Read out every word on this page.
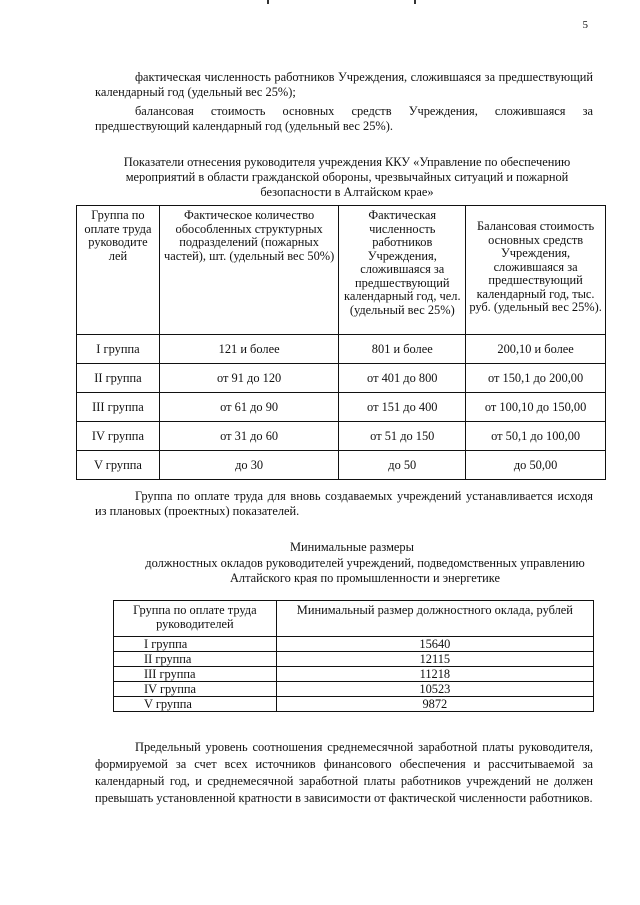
5

фактическая численность работников Учреждения, сложившаяся за предшествующий календарный год (удельный вес 25%);

балансовая стоимость основных средств Учреждения, сложившаяся за предшествующий календарный год (удельный вес 25%).

Показатели отнесения руководителя учреждения ККУ «Управление по обеспечению мероприятий в области гражданской обороны, чрезвычайных ситуаций и пожарной безопасности в Алтайском крае»

Группа по оплате труда руководите лей	Фактическое количество обособленных структурных подразделений (пожарных частей), шт. (удельный вес 50%)	Фактическая численность работников Учреждения, сложившаяся за предшествующий календарный год, чел. (удельный вес 25%)	Балансовая стоимость основных средств Учреждения, сложившаяся за предшествующий календарный год, тыс. руб. (удельный вес 25%).
I группа	121 и более	801 и более	200,10 и более
II группа	от 91 до 120	от 401 до 800	от 150,1 до 200,00
III группа	от 61 до 90	от 151 до 400	от 100,10 до 150,00
IV группа	от 31 до 60	от 51 до 150	от 50,1 до 100,00
V группа	до 30	до 50	до 50,00

Группа по оплате труда для вновь создаваемых учреждений устанавливается исходя из плановых (проектных) показателей.

Минимальные размеры

должностных окладов руководителей учреждений, подведомственных управлению Алтайского края по промышленности и энергетике

Группа по оплате труда руководителей	Минимальный размер должностного оклада, рублей
I группа	15640
II группа	12115
III группа	11218
IV группа	10523
V группа	9872

Предельный уровень соотношения среднемесячной заработной платы руководителя, формируемой за счет всех источников финансового обеспечения и рассчитываемой за календарный год, и среднемесячной заработной платы работников учреждений не должен превышать установленной кратности в зависимости от фактической численности работников.
